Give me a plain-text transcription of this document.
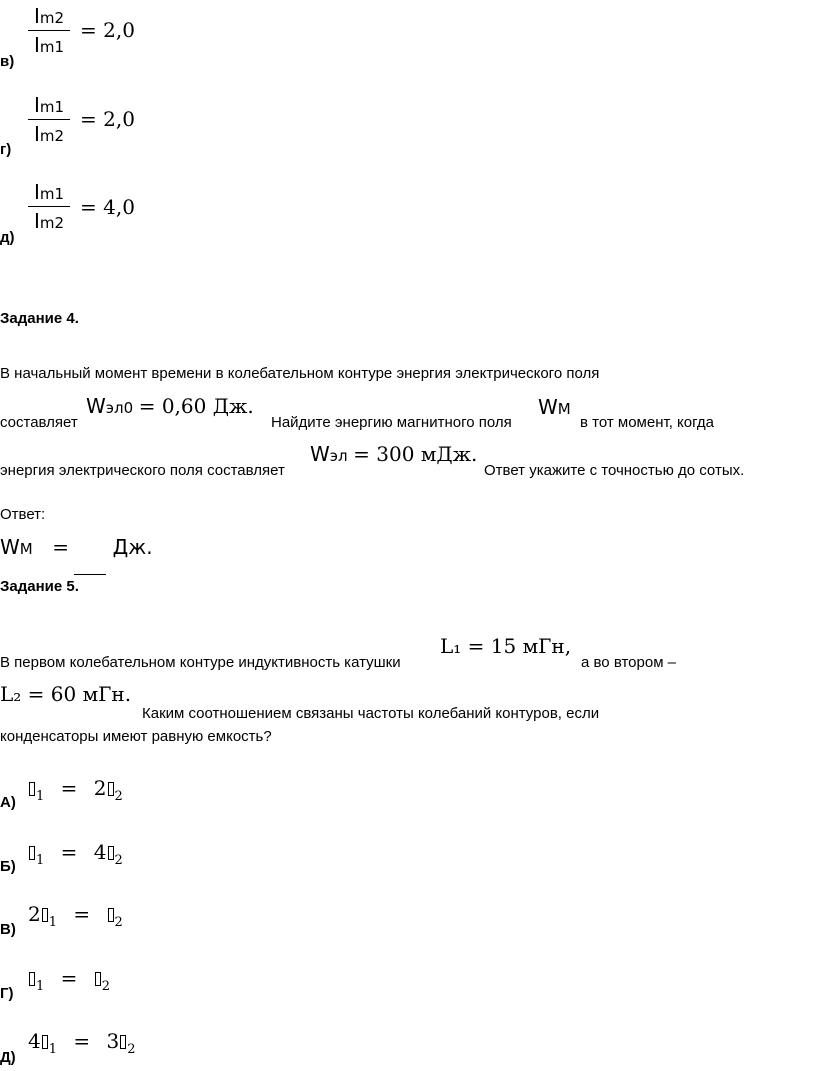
$\frac{Im2}{Im1} = 2,0$
в)
$\frac{Im1}{Im2} = 2,0$
г)
$\frac{Im1}{Im2} = 4,0$
д)
Задание 4.
В начальный момент времени в колебательном контуре энергия электрического поля
составляет
Wэл0 = 0,60 Дж.
Найдите энергию магнитного поля
WМ
в тот момент, когда
энергия электрического поля составляет
Wэл = 300 мДж.
Ответ укажите с точностью до сотых.
Ответ:
WМ = Дж.
Задание 5.
В первом колебательном контуре индуктивность катушки
L₁ = 15 мГн,
а во втором –
L₂ = 60 мГн.
Каким соотношением связаны частоты колебаний контуров, если
конденсаторы имеют равную емкость?
$_1$ = 2 $_2$
А)
$_1$ = 4 $_2$
Б)
2 $_1$ = $_2$
В)
$_1$ = $_2$
Г)
4 $_1$ = 3 $_2$
Д)
